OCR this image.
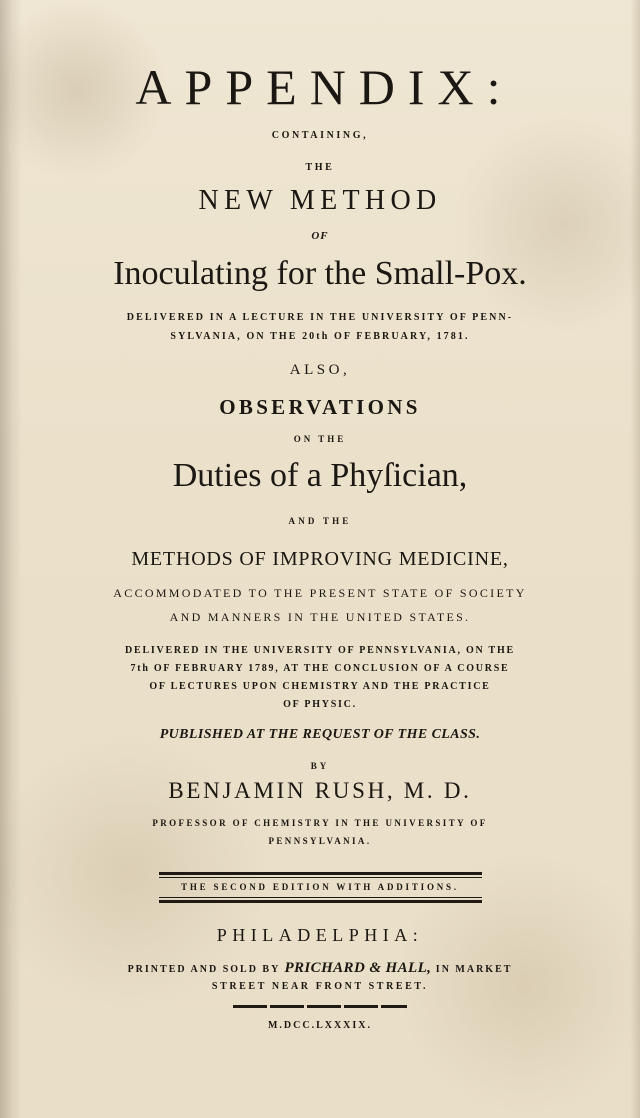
APPENDIX:

CONTAINING,

THE

NEW METHOD

OF

Inoculating for the Small-Pox.

DELIVERED IN A LECTURE IN THE UNIVERSITY OF PENN-

SYLVANIA, ON THE 20th OF FEBRUARY, 1781.

ALSO,

OBSERVATIONS

ON THE

Duties of a Phyſician,

AND THE

METHODS OF IMPROVING MEDICINE,

ACCOMMODATED TO THE PRESENT STATE OF SOCIETY

AND MANNERS IN THE UNITED STATES.

DELIVERED IN THE UNIVERSITY OF PENNSYLVANIA, ON THE

7th OF FEBRUARY 1789, AT THE CONCLUSION OF A COURSE

OF LECTURES UPON CHEMISTRY AND THE PRACTICE

OF PHYSIC.

PUBLISHED AT THE REQUEST OF THE CLASS.

BY

BENJAMIN RUSH, M. D.

PROFESSOR OF CHEMISTRY IN THE UNIVERSITY OF

PENNSYLVANIA.

THE SECOND EDITION WITH ADDITIONS.

PHILADELPHIA:

PRINTED AND SOLD BY PRICHARD & HALL, IN MARKET

STREET NEAR FRONT STREET.

M.DCC.LXXXIX.
